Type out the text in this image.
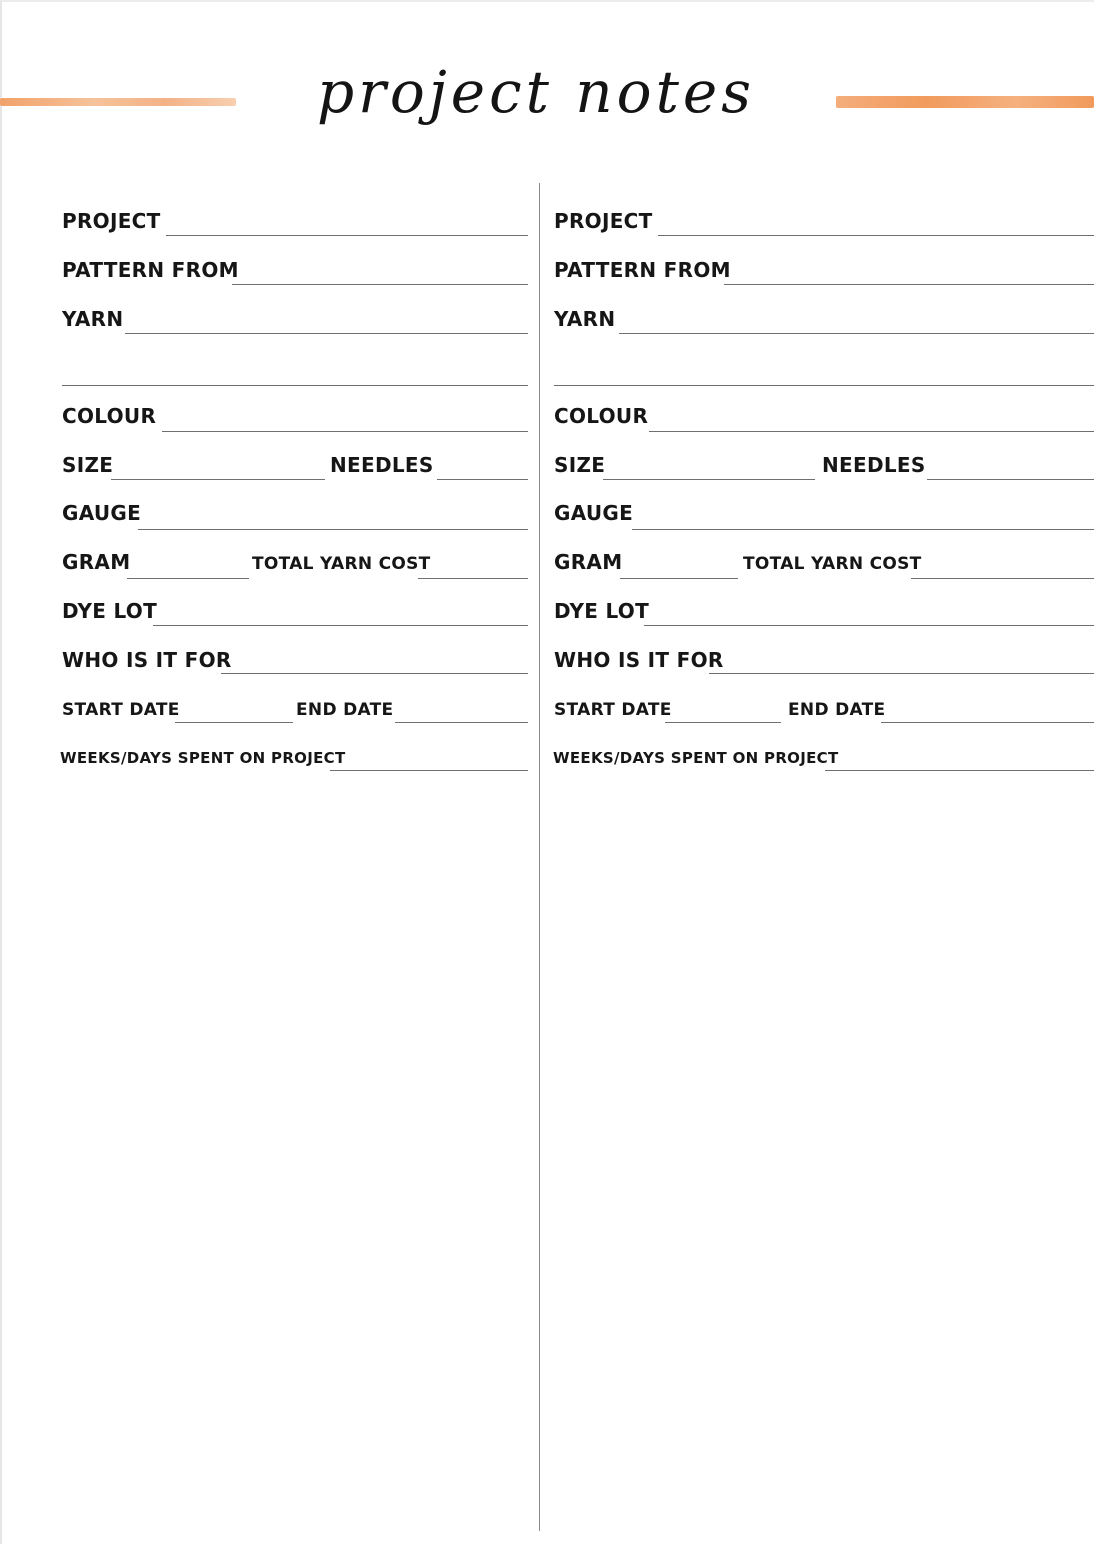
project notes
PROJECT
PATTERN FROM
YARN
COLOUR
SIZE	NEEDLES
GAUGE
GRAM	TOTAL YARN COST
DYE LOT
WHO IS IT FOR
START DATE	END DATE
WEEKS/DAYS SPENT ON PROJECT
PROJECT
PATTERN FROM
YARN
COLOUR
SIZE	NEEDLES
GAUGE
GRAM	TOTAL YARN COST
DYE LOT
WHO IS IT FOR
START DATE	END DATE
WEEKS/DAYS SPENT ON PROJECT
